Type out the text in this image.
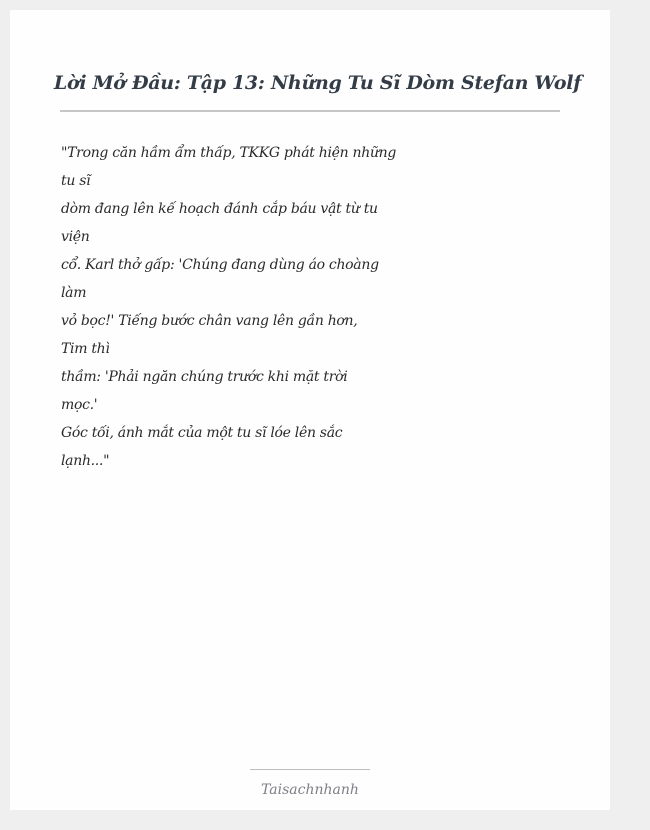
Lời Mở Đầu: Tập 13: Những Tu Sĩ Dòm Stefan Wolf
"Trong căn hầm ẩm thấp, TKKG phát hiện những
tu sĩ
dòm đang lên kế hoạch đánh cắp báu vật từ tu
viện
cổ. Karl thở gấp: 'Chúng đang dùng áo choàng
làm
vỏ bọc!' Tiếng bước chân vang lên gần hơn,
Tim thì
thầm: 'Phải ngăn chúng trước khi mặt trời
mọc.'
Góc tối, ánh mắt của một tu sĩ lóe lên sắc
lạnh..."
Taisachnhanh
